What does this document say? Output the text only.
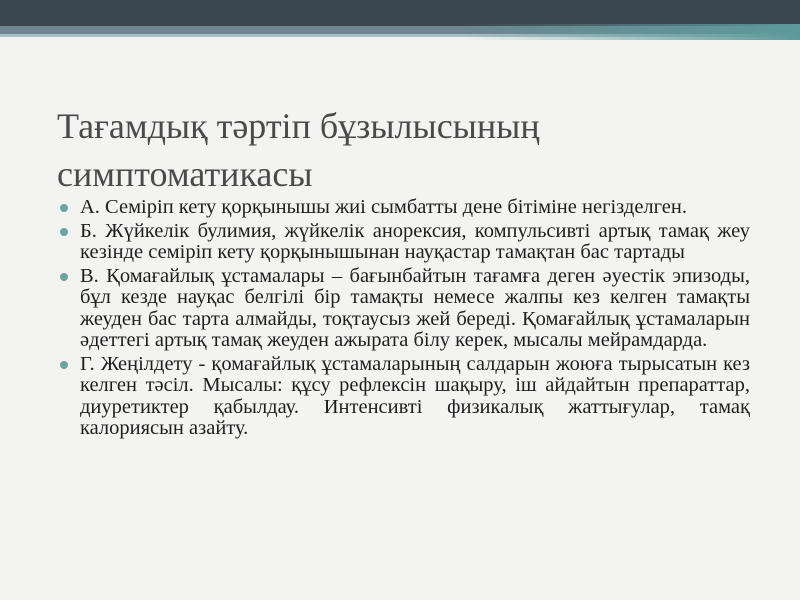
Тағамдық тәртіп бұзылысының
симптоматикасы
А. Семіріп кету қорқынышы жиі сымбатты дене бітіміне негізделген.
Б. Жүйкелік булимия, жүйкелік анорексия, компульсивті артық тамақ жеу кезінде семіріп кету қорқынышынан науқастар тамақтан бас тартады
В. Қомағайлық ұстамалары – бағынбайтын тағамға деген әуестік эпизоды, бұл кезде науқас белгілі бір тамақты немесе жалпы кез келген тамақты жеуден бас тарта алмайды, тоқтаусыз жей береді. Қомағайлық ұстамаларын әдеттегі артық тамақ жеуден ажырата білу керек, мысалы мейрамдарда.
Г. Жеңілдету - қомағайлық ұстамаларының салдарын жоюға тырысатын кез келген тәсіл. Мысалы: құсу рефлексін шақыру, іш айдайтын препараттар, диуретиктер қабылдау. Интенсивті физикалық жаттығулар, тамақ калориясын азайту.
